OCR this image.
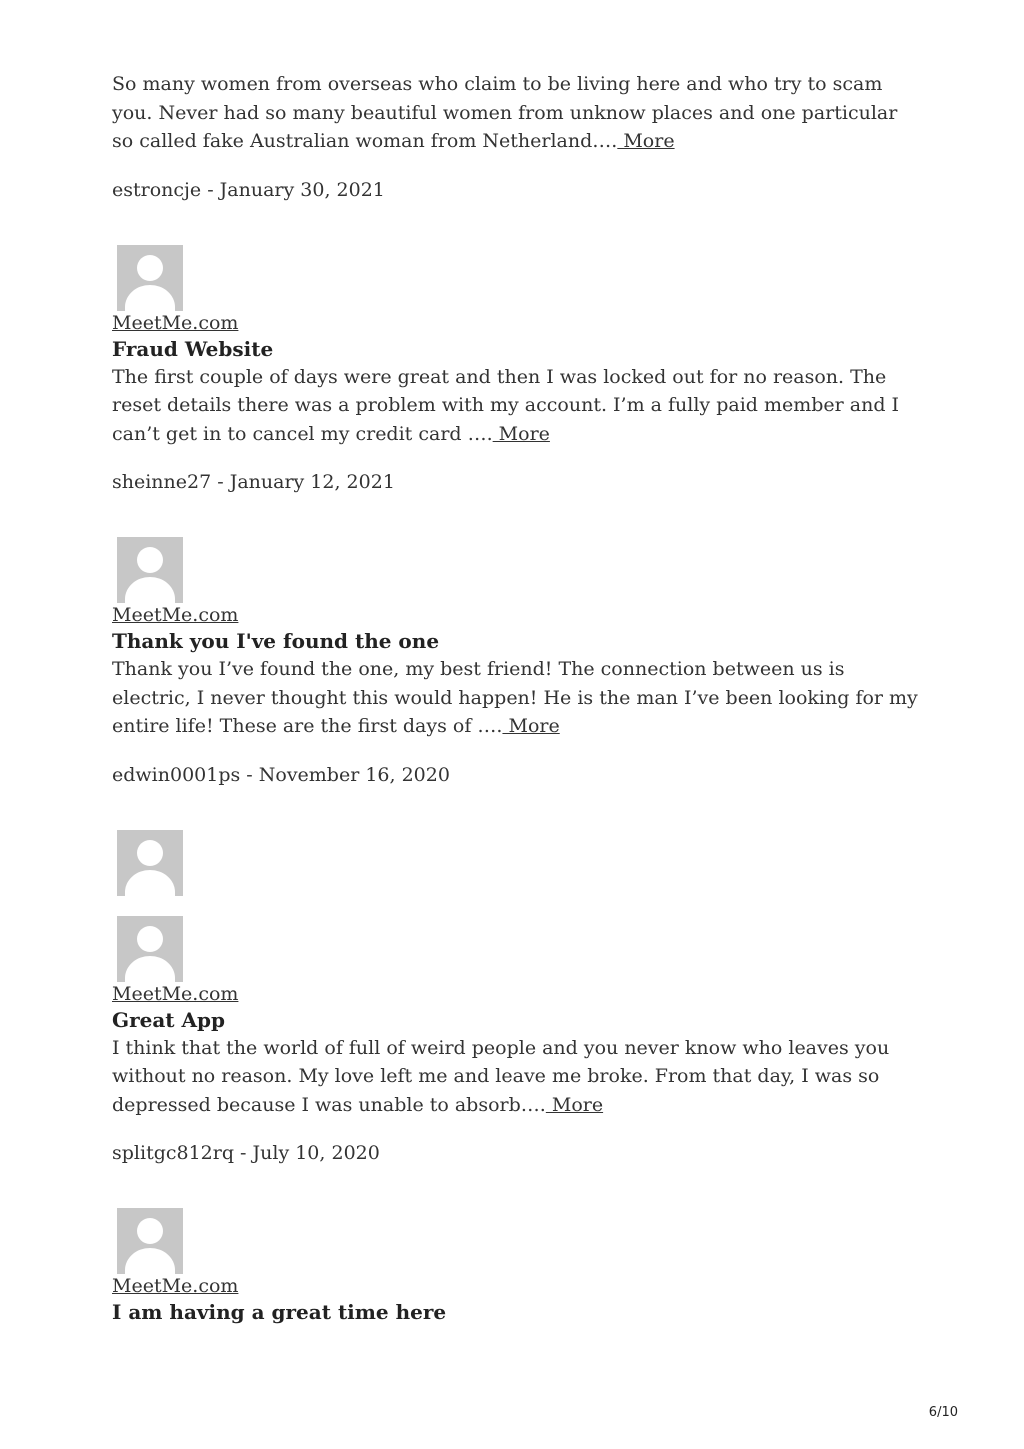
So many women from overseas who claim to be living here and who try to scam you. Never had so many beautiful women from unknow places and one particular so called fake Australian woman from Netherland…. More

estroncje - January 30, 2021

MeetMe.com

Fraud Website

The first couple of days were great and then I was locked out for no reason. The reset details there was a problem with my account. I’m a fully paid member and I can’t get in to cancel my credit card …. More

sheinne27 - January 12, 2021

MeetMe.com

Thank you I've found the one

Thank you I’ve found the one, my best friend! The connection between us is electric, I never thought this would happen! He is the man I’ve been looking for my entire life! These are the first days of …. More

edwin0001ps - November 16, 2020

MeetMe.com

Great App

I think that the world of full of weird people and you never know who leaves you without no reason. My love left me and leave me broke. From that day, I was so depressed because I was unable to absorb…. More

splitgc812rq - July 10, 2020

MeetMe.com

I am having a great time here

6/10
